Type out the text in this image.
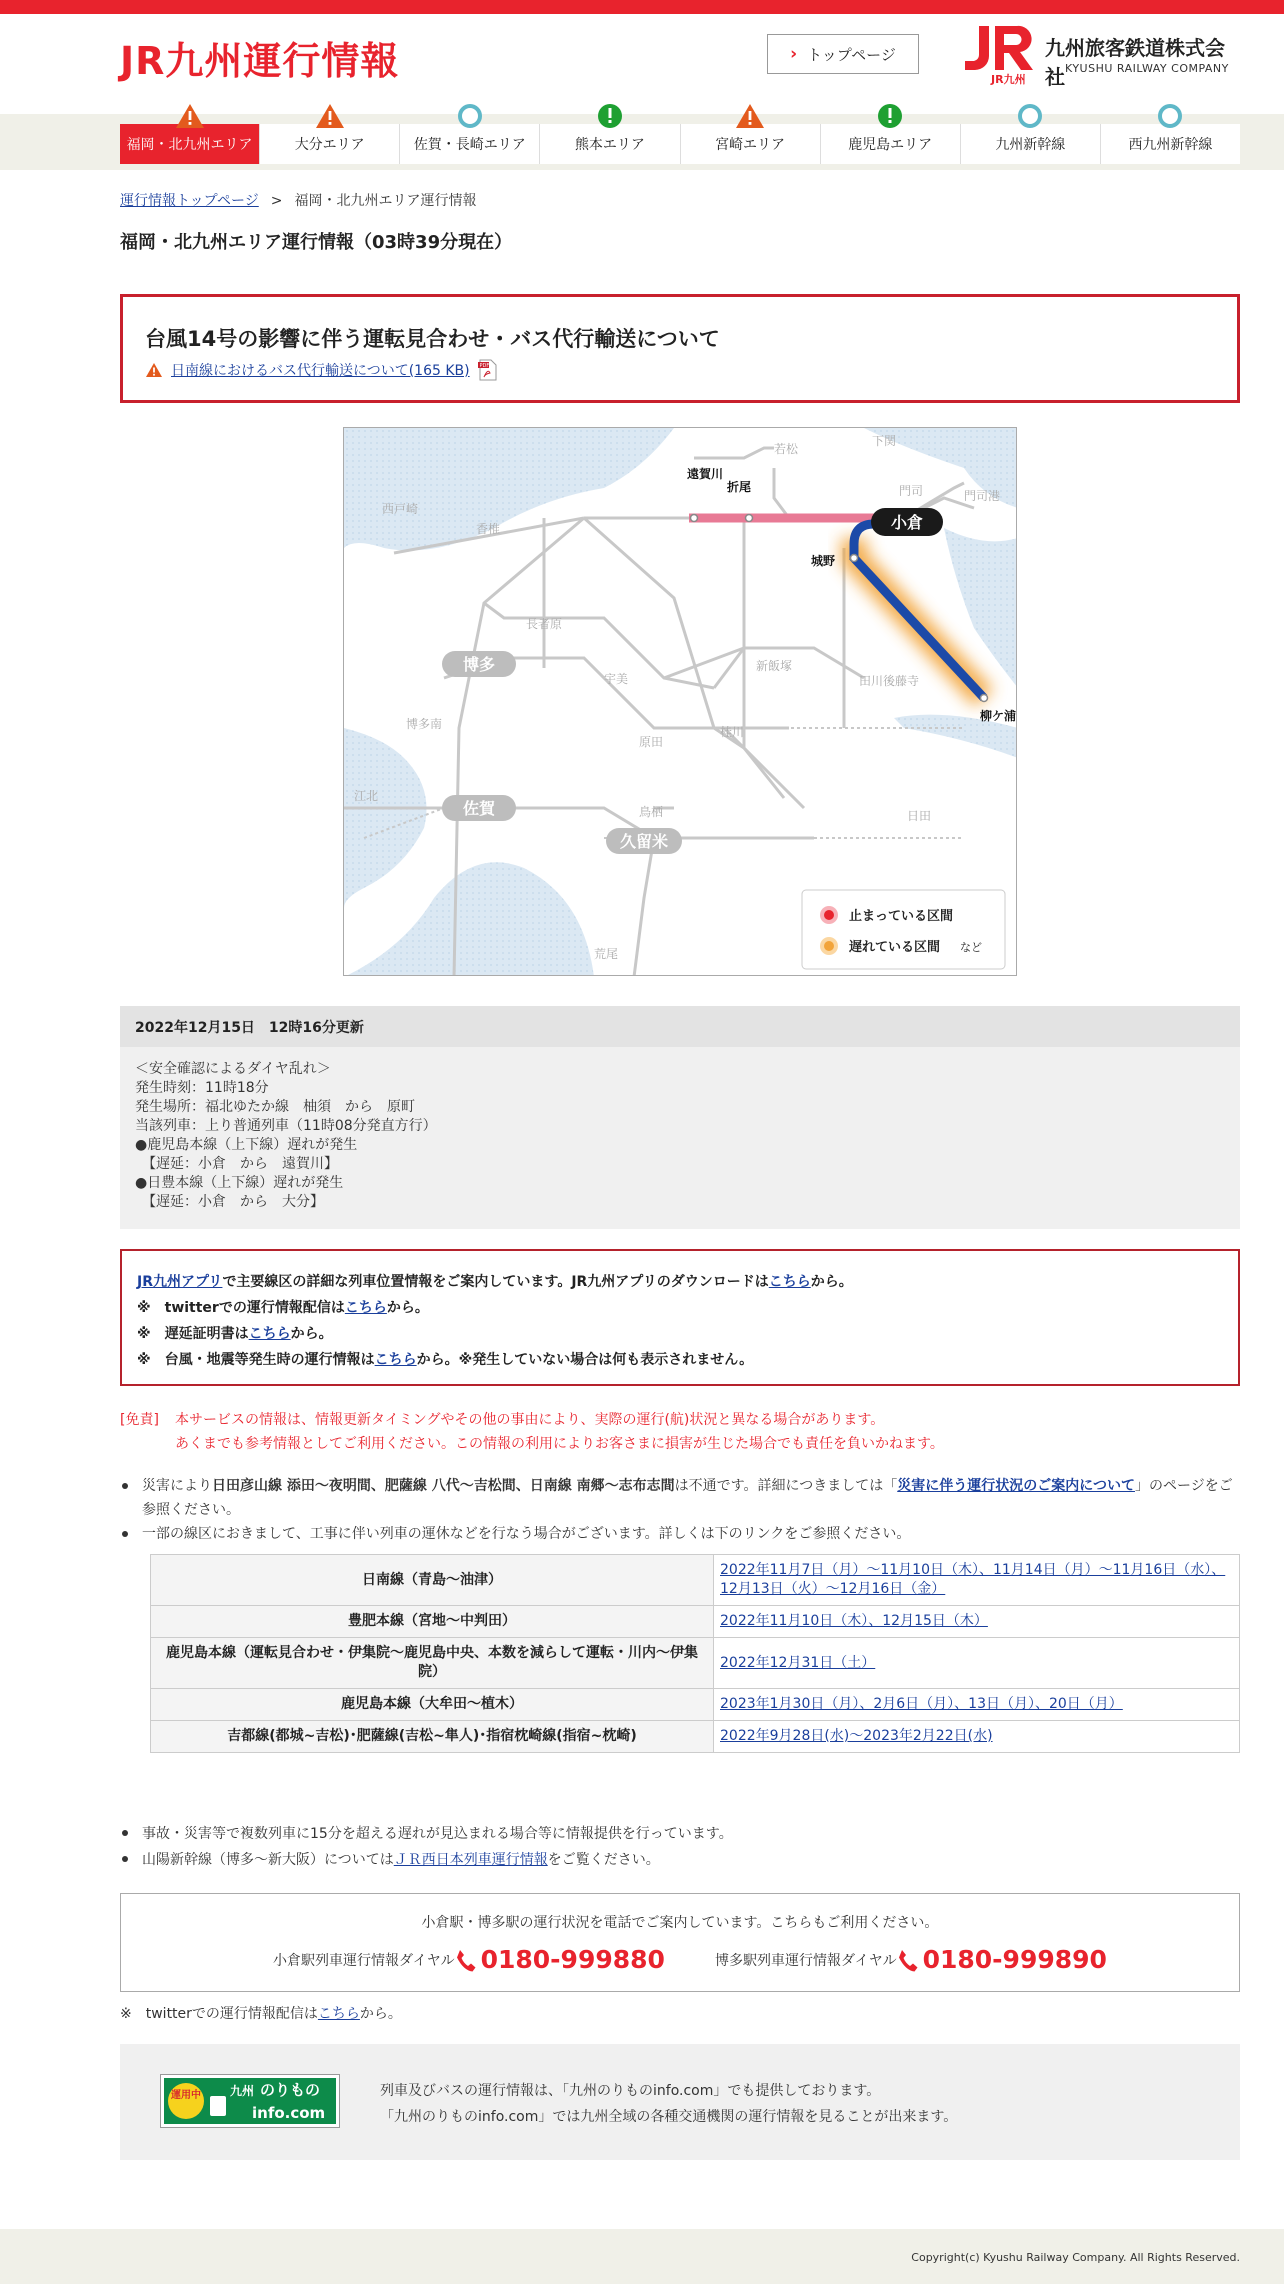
JR九州運行情報	› トップページ
JR九州
九州旅客鉄道株式会社 KYUSHU RAILWAY COMPANY
福岡・北九州エリア	大分エリア	佐賀・長崎エリア	熊本エリア	宮崎エリア	鹿児島エリア	九州新幹線	西九州新幹線
運行情報トップページ > 福岡・北九州エリア運行情報
福岡・北九州エリア運行情報（03時39分現在）
台風14号の影響に伴う運転見合わせ・バス代行輸送について
日南線におけるバス代行輸送について(165 KB) PDF
小倉
博多
佐賀
久留米
若松
下関
門司	門司港
西戸崎
香椎
長者原
宇美
新飯塚
田川後藤寺
博多南
原田
桂川
江北
鳥栖	日田
荒尾
遠賀川
折尾
城野
柳ケ浦
止まっている区間
遅れている区間 など
2022年12月15日　12時16分更新
＜安全確認によるダイヤ乱れ＞
発生時刻：11時18分
発生場所：福北ゆたか線　柚須　から　原町
当該列車：上り普通列車（11時08分発直方行）
●鹿児島本線（上下線）遅れが発生
　【遅延：小倉　から　遠賀川】
●日豊本線（上下線）遅れが発生
　【遅延：小倉　から　大分】
JR九州アプリで主要線区の詳細な列車位置情報をご案内しています。JR九州アプリのダウンロードはこちらから。
※　 twitterでの運行情報配信はこちらから。
※　 遅延証明書はこちらから。
※　 台風・地震等発生時の運行情報はこちらから。※発生していない場合は何も表示されません。
[免責] 本サービスの情報は、情報更新タイミングやその他の事由により、実際の運行(航)状況と異なる場合があります。
あくまでも参考情報としてご利用ください。この情報の利用によりお客さまに損害が生じた場合でも責任を負いかねます。
災害により日田彦山線 添田～夜明間、肥薩線 八代～吉松間、日南線 南郷～志布志間は不通です。詳細につきましては「災害に伴う運行状況のご案内について」のページをご参照ください。
一部の線区におきまして、工事に伴い列車の運休などを行なう場合がございます。詳しくは下のリンクをご参照ください。
日南線（青島～油津）	2022年11月7日（月）～11月10日（木）、11月14日（月）～11月16日（水）、
12月13日（火）～12月16日（金）
豊肥本線（宮地～中判田）	2022年11月10日（木）、12月15日（木）
鹿児島本線（運転見合わせ・伊集院～鹿児島中央、本数を減らして運転・川内～伊集院）	2022年12月31日（土）
鹿児島本線（大牟田～植木）	2023年1月30日（月）、2月6日（月）、13日（月）、20日（月）
吉都線(都城~吉松)･肥薩線(吉松~隼人)･指宿枕崎線(指宿~枕崎)	2022年9月28日(水)～2023年2月22日(水)
事故・災害等で複数列車に15分を超える遅れが見込まれる場合等に情報提供を行っています。
山陽新幹線（博多～新大阪）についてはＪＲ西日本列車運行情報をご覧ください。
小倉駅・博多駅の運行状況を電話でご案内しています。こちらもご利用ください。
小倉駅列車運行情報ダイヤル 0180-999880	博多駅列車運行情報ダイヤル 0180-999890
※　 twitterでの運行情報配信はこちらから。
運用中 九州 のりもの
info.com
列車及びバスの運行情報は、「九州のりものinfo.com」でも提供しております。
「九州のりものinfo.com」では九州全域の各種交通機関の運行情報を見ることが出来ます。
Copyright(c) Kyushu Railway Company. All Rights Reserved.
